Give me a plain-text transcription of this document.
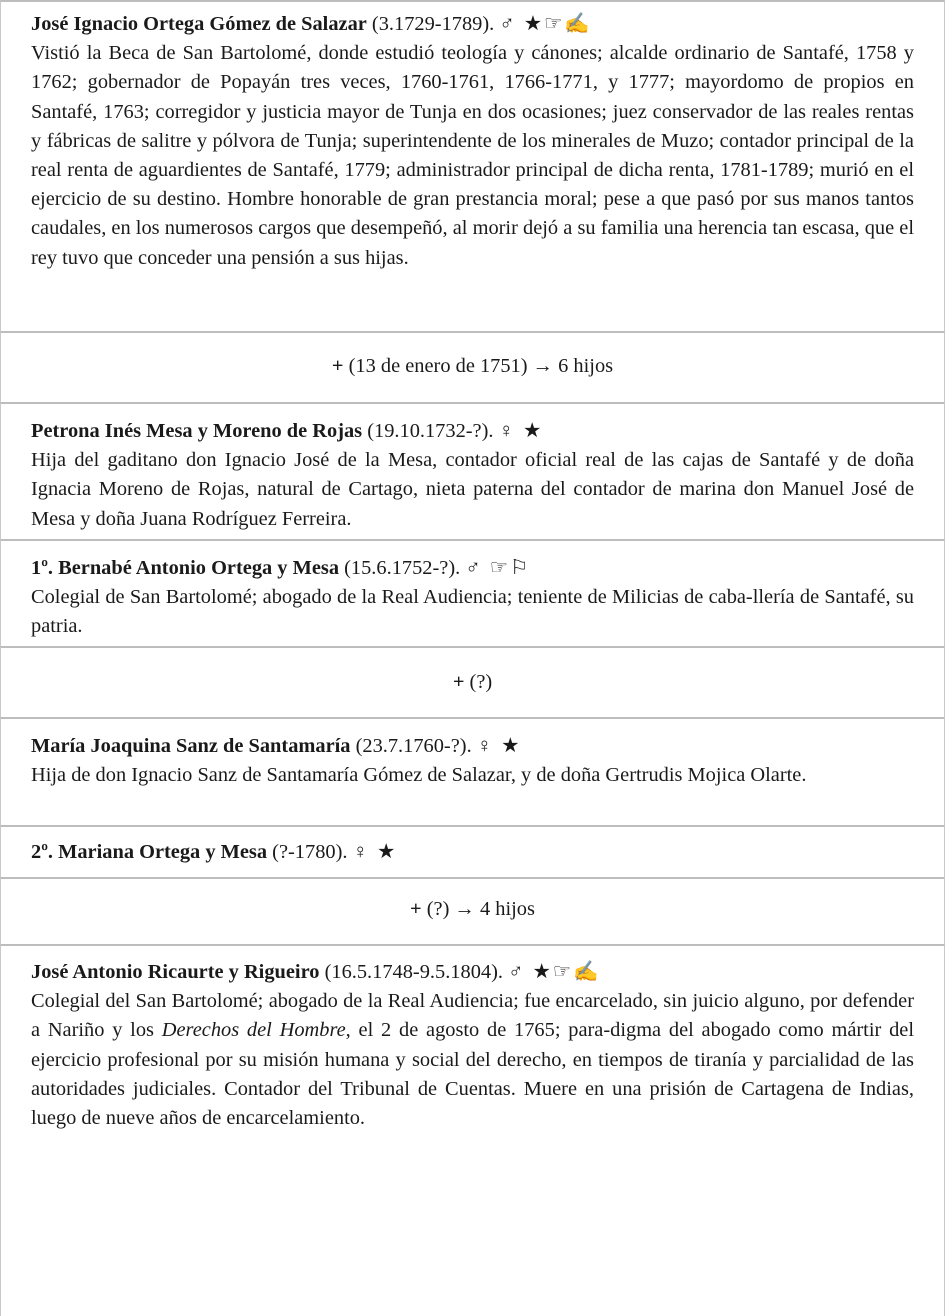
José Ignacio Ortega Gómez de Salazar (3.1729-1789). ♂ ★☞✍

Vistió la Beca de San Bartolomé, donde estudió teología y cánones; alcalde ordinario de Santafé, 1758 y 1762; gobernador de Popayán tres veces, 1760-1761, 1766-1771, y 1777; mayordomo de propios en Santafé, 1763; corregidor y justicia mayor de Tunja en dos ocasiones; juez conservador de las reales rentas y fábricas de salitre y pólvora de Tunja; superintendente de los minerales de Muzo; contador principal de la real renta de aguardientes de Santafé, 1779; administrador principal de dicha renta, 1781-1789; murió en el ejercicio de su destino. Hombre honorable de gran prestancia moral; pese a que pasó por sus manos tantos caudales, en los numerosos cargos que desempeñó, al morir dejó a su familia una herencia tan escasa, que el rey tuvo que conceder una pensión a sus hijas.

+ (13 de enero de 1751) → 6 hijos

Petrona Inés Mesa y Moreno de Rojas (19.10.1732-?). ♀ ★

Hija del gaditano don Ignacio José de la Mesa, contador oficial real de las cajas de Santafé y de doña Ignacia Moreno de Rojas, natural de Cartago, nieta paterna del contador de marina don Manuel José de Mesa y doña Juana Rodríguez Ferreira.

1º. Bernabé Antonio Ortega y Mesa (15.6.1752-?). ♂ ☞⚐

Colegial de San Bartolomé; abogado de la Real Audiencia; teniente de Milicias de caba-llería de Santafé, su patria.

+ (?)

María Joaquina Sanz de Santamaría (23.7.1760-?). ♀ ★

Hija de don Ignacio Sanz de Santamaría Gómez de Salazar, y de doña Gertrudis Mojica Olarte.

2º. Mariana Ortega y Mesa (?-1780). ♀ ★

+ (?) → 4 hijos

José Antonio Ricaurte y Rigueiro (16.5.1748-9.5.1804). ♂ ★☞✍

Colegial del San Bartolomé; abogado de la Real Audiencia; fue encarcelado, sin juicio alguno, por defender a Nariño y los Derechos del Hombre, el 2 de agosto de 1765; para-digma del abogado como mártir del ejercicio profesional por su misión humana y social del derecho, en tiempos de tiranía y parcialidad de las autoridades judiciales. Contador del Tribunal de Cuentas. Muere en una prisión de Cartagena de Indias, luego de nueve años de encarcelamiento.
